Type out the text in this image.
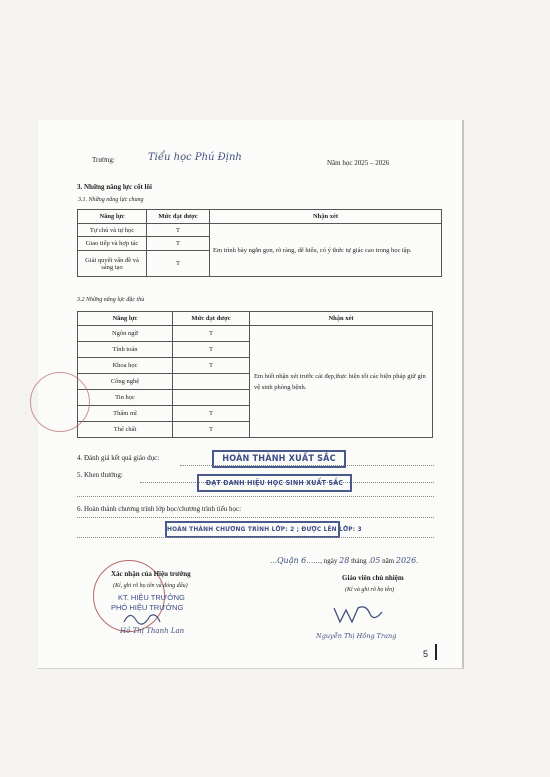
Trường:	Tiểu học Phú Định	Năm học 2025 – 2026
3. Những năng lực cốt lõi
3.1. Những năng lực chung
Năng lực	Mức đạt được	Nhận xét
Tự chủ và tự học	T	Em trình bày ngắn gọn, rõ ràng, dễ hiểu, có ý thức tự giác cao trong học tập.
Giao tiếp và hợp tác	T	
Giải quyết vấn đề và sáng tạo	T	
3.2 Những năng lực đặc thù
Năng lực	Mức đạt được	Nhận xét
Ngôn ngữ	T	Em biết nhận xét trước cái đẹp,thực hiện tốt các biện pháp giữ gìn vệ sinh phòng bệnh.
Tính toán	T	
Khoa học	T	
Công nghệ		
Tin học		
Thẩm mĩ	T	
Thể chất	T	
4. Đánh giá kết quả giáo dục:	HOÀN THÀNH XUẤT SẮC
5. Khen thưởng:
ĐẠT DANH HIỆU HỌC SINH XUẤT SẮC
6. Hoàn thành chương trình lớp học/chương trình tiểu học:
HOÀN THÀNH CHƯƠNG TRÌNH LỚP: 2 ; ĐƯỢC LÊN LỚP: 3
…Quận 6……, ngày 28 tháng .05 năm 2026.
Xác nhận của Hiệu trưởng
(Kí, ghi rõ họ tên và đóng dấu)
KT. HIỆU TRƯỞNG
PHÓ HIỆU TRƯỞNG
Hồ Thị Thanh Lan
Giáo viên chủ nhiệm
(Kí và ghi rõ họ tên)
Nguyễn Thị Hồng Trang
5
